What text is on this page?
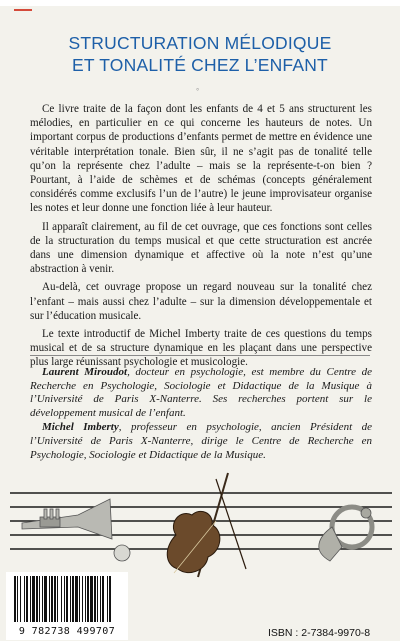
STRUCTURATION MÉLODIQUE
ET TONALITÉ CHEZ L’ENFANT
°

Ce livre traite de la façon dont les enfants de 4 et 5 ans structurent les mélodies, en particulier en ce qui concerne les hauteurs de notes. Un important corpus de productions d’enfants permet de mettre en évidence une véritable interprétation tonale. Bien sûr, il ne s’agit pas de tonalité telle qu’on la représente chez l’adulte – mais se la représente-t-on bien ? Pourtant, à l’aide de schèmes et de schémas (concepts généralement considérés comme exclusifs l’un de l’autre) le jeune improvisateur organise les notes et leur donne une fonction liée à leur hauteur.

Il apparaît clairement, au fil de cet ouvrage, que ces fonctions sont celles de la structuration du temps musical et que cette structuration est ancrée dans une dimension dynamique et affective où la note n’est qu’une abstraction à venir.

Au-delà, cet ouvrage propose un regard nouveau sur la tonalité chez l’enfant – mais aussi chez l’adulte – sur la dimension développementale et sur l’éducation musicale.

Le texte introductif de Michel Imberty traite de ces questions du temps musical et de sa structure dynamique en les plaçant dans une perspective plus large réunissant psychologie et musicologie.

Laurent Miroudot, docteur en psychologie, est membre du Centre de Recherche en Psychologie, Sociologie et Didactique de la Musique à l’Université de Paris X-Nanterre. Ses recherches portent sur le développement musical de l’enfant.

Michel Imberty, professeur en psychologie, ancien Président de l’Université de Paris X-Nanterre, dirige le Centre de Recherche en Psychologie, Sociologie et Didactique de la Musique.

9 782738 499707	ISBN : 2-7384-9970-8
